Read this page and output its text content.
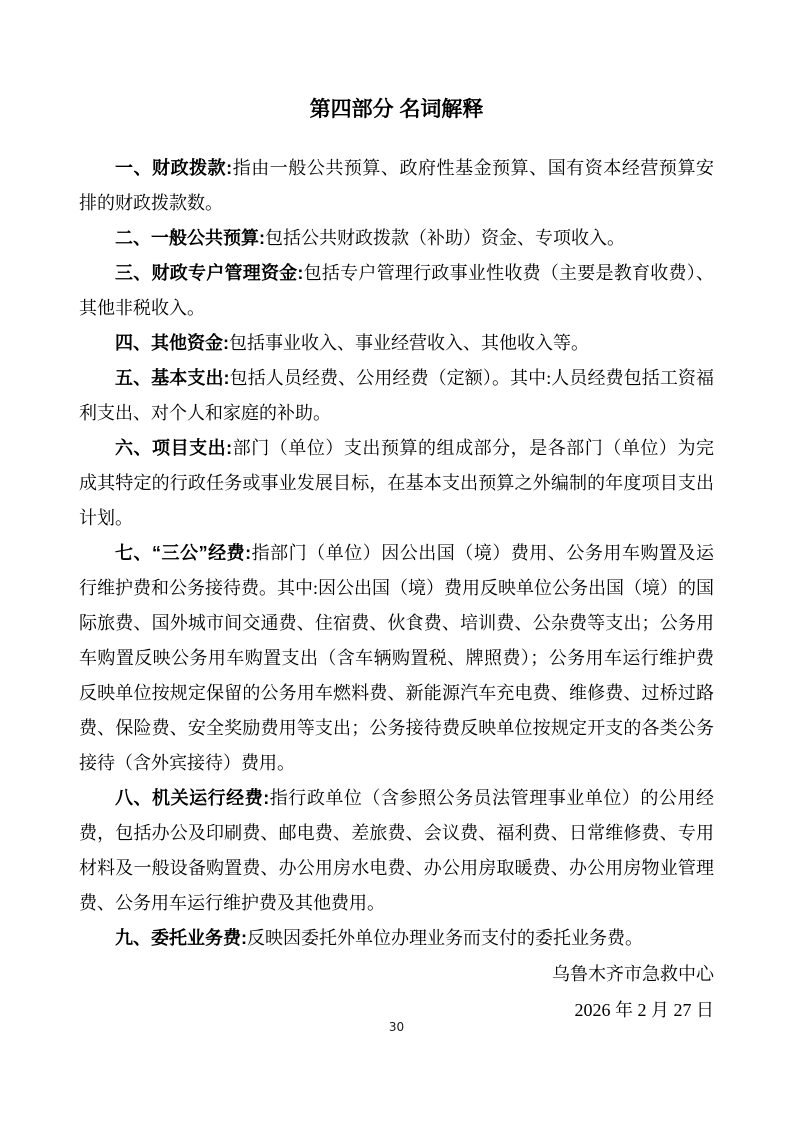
第四部分 名词解释

一、财政拨款:指由一般公共预算、政府性基金预算、国有资本经营预算安排的财政拨款数。

二、一般公共预算:包括公共财政拨款（补助）资金、专项收入。

三、财政专户管理资金:包括专户管理行政事业性收费（主要是教育收费）、其他非税收入。

四、其他资金:包括事业收入、事业经营收入、其他收入等。

五、基本支出:包括人员经费、公用经费（定额）。其中:人员经费包括工资福利支出、对个人和家庭的补助。

六、项目支出:部门（单位）支出预算的组成部分，是各部门（单位）为完成其特定的行政任务或事业发展目标，在基本支出预算之外编制的年度项目支出计划。

七、“三公”经费:指部门（单位）因公出国（境）费用、公务用车购置及运行维护费和公务接待费。其中:因公出国（境）费用反映单位公务出国（境）的国际旅费、国外城市间交通费、住宿费、伙食费、培训费、公杂费等支出；公务用车购置反映公务用车购置支出（含车辆购置税、牌照费）；公务用车运行维护费反映单位按规定保留的公务用车燃料费、新能源汽车充电费、维修费、过桥过路费、保险费、安全奖励费用等支出；公务接待费反映单位按规定开支的各类公务接待（含外宾接待）费用。

八、机关运行经费:指行政单位（含参照公务员法管理事业单位）的公用经费，包括办公及印刷费、邮电费、差旅费、会议费、福利费、日常维修费、专用材料及一般设备购置费、办公用房水电费、办公用房取暖费、办公用房物业管理费、公务用车运行维护费及其他费用。

九、委托业务费:反映因委托外单位办理业务而支付的委托业务费。

乌鲁木齐市急救中心
2026 年 2 月 27 日
30
